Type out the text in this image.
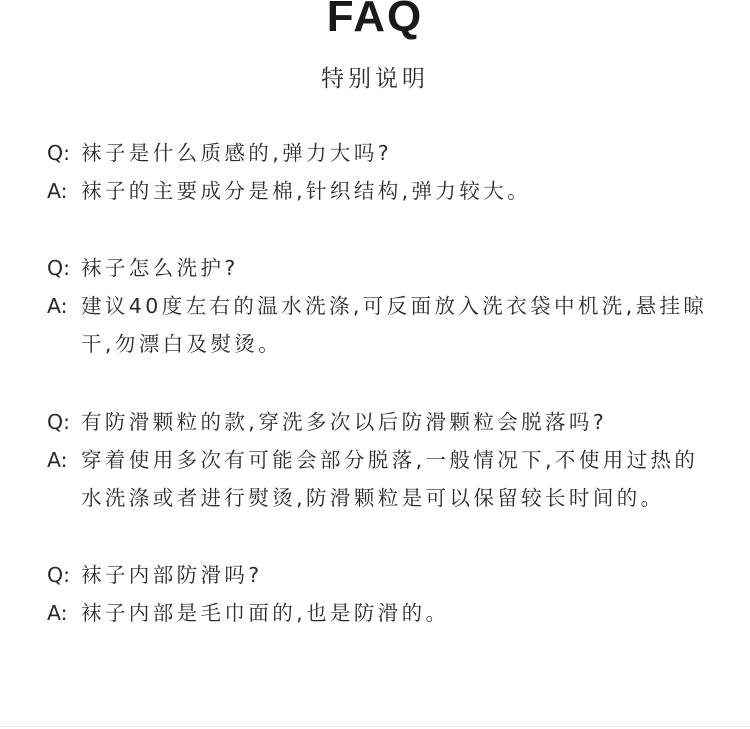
FAQ
特别说明
Q: 袜子是什么质感的,弹力大吗?
A: 袜子的主要成分是棉,针织结构,弹力较大。
Q: 袜子怎么洗护?
A: 建议40度左右的温水洗涤,可反面放入洗衣袋中机洗,悬挂晾干,勿漂白及熨烫。
Q: 有防滑颗粒的款,穿洗多次以后防滑颗粒会脱落吗?
A: 穿着使用多次有可能会部分脱落,一般情况下,不使用过热的水洗涤或者进行熨烫,防滑颗粒是可以保留较长时间的。
Q: 袜子内部防滑吗?
A: 袜子内部是毛巾面的,也是防滑的。
